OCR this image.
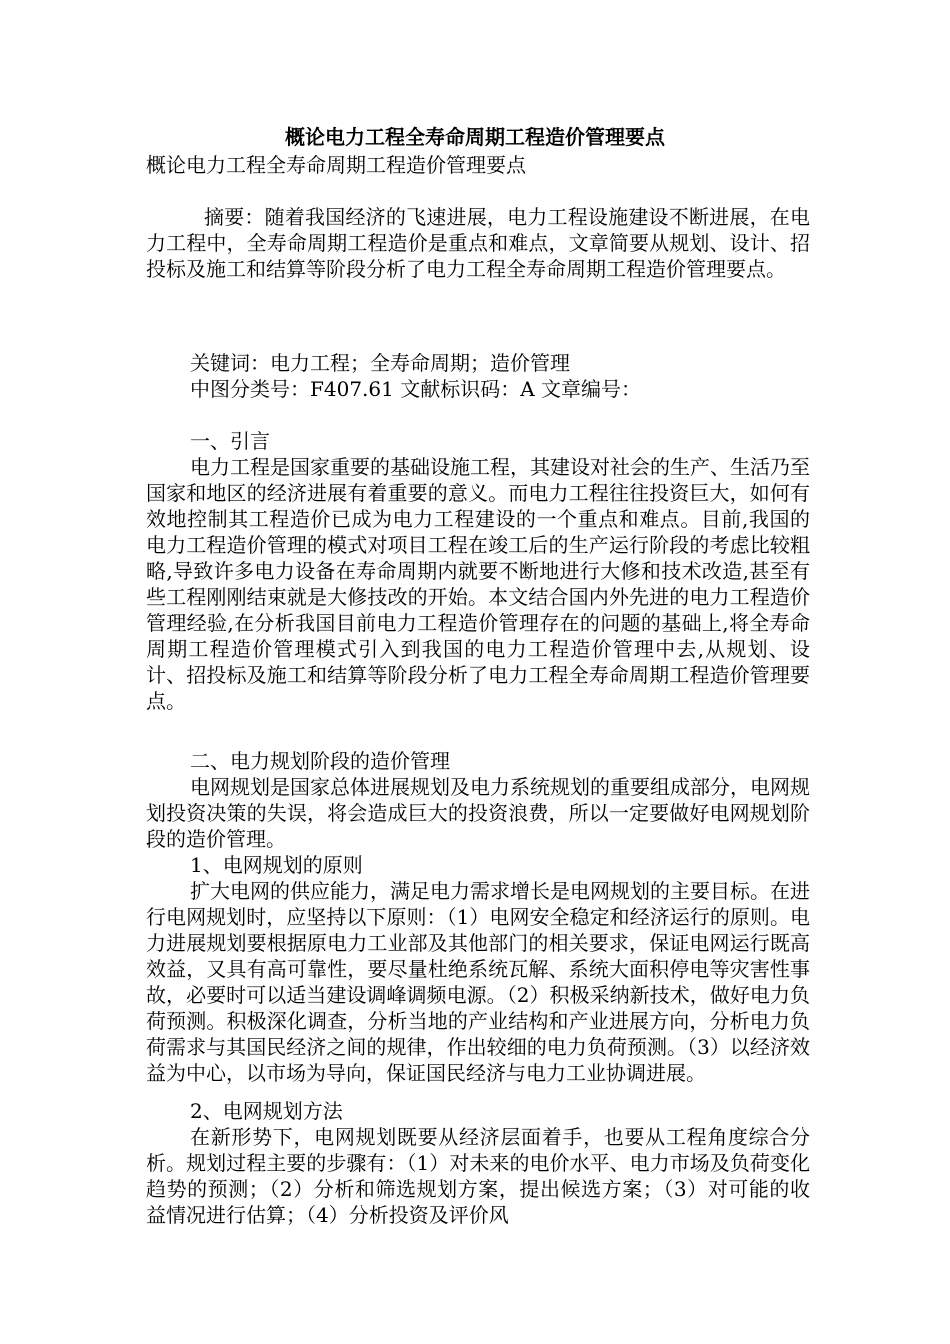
概论电力工程全寿命周期工程造价管理要点

概论电力工程全寿命周期工程造价管理要点

摘要：随着我国经济的飞速进展，电力工程设施建设不断进展，在电力工程中，全寿命周期工程造价是重点和难点，文章简要从规划、设计、招投标及施工和结算等阶段分析了电力工程全寿命周期工程造价管理要点。

关键词：电力工程；全寿命周期；造价管理

中图分类号：F407.61 文献标识码：A 文章编号：

一、引言

电力工程是国家重要的基础设施工程，其建设对社会的生产、生活乃至国家和地区的经济进展有着重要的意义。而电力工程往往投资巨大，如何有效地控制其工程造价已成为电力工程建设的一个重点和难点。目前,我国的电力工程造价管理的模式对项目工程在竣工后的生产运行阶段的考虑比较粗略,导致许多电力设备在寿命周期内就要不断地进行大修和技术改造,甚至有些工程刚刚结束就是大修技改的开始。本文结合国内外先进的电力工程造价管理经验,在分析我国目前电力工程造价管理存在的问题的基础上,将全寿命周期工程造价管理模式引入到我国的电力工程造价管理中去,从规划、设计、招投标及施工和结算等阶段分析了电力工程全寿命周期工程造价管理要点。

二、电力规划阶段的造价管理

电网规划是国家总体进展规划及电力系统规划的重要组成部分，电网规划投资决策的失误，将会造成巨大的投资浪费，所以一定要做好电网规划阶段的造价管理。

1、电网规划的原则

扩大电网的供应能力，满足电力需求增长是电网规划的主要目标。在进行电网规划时，应坚持以下原则：（1）电网安全稳定和经济运行的原则。电力进展规划要根据原电力工业部及其他部门的相关要求，保证电网运行既高效益，又具有高可靠性，要尽量杜绝系统瓦解、系统大面积停电等灾害性事故，必要时可以适当建设调峰调频电源。（2）积极采纳新技术，做好电力负荷预测。积极深化调查，分析当地的产业结构和产业进展方向，分析电力负荷需求与其国民经济之间的规律，作出较细的电力负荷预测。（3）以经济效益为中心，以市场为导向，保证国民经济与电力工业协调进展。

2、电网规划方法

在新形势下，电网规划既要从经济层面着手，也要从工程角度综合分析。规划过程主要的步骤有：（1）对未来的电价水平、电力市场及负荷变化趋势的预测；（2）分析和筛选规划方案，提出候选方案；（3）对可能的收益情况进行估算；（4）分析投资及评价风
